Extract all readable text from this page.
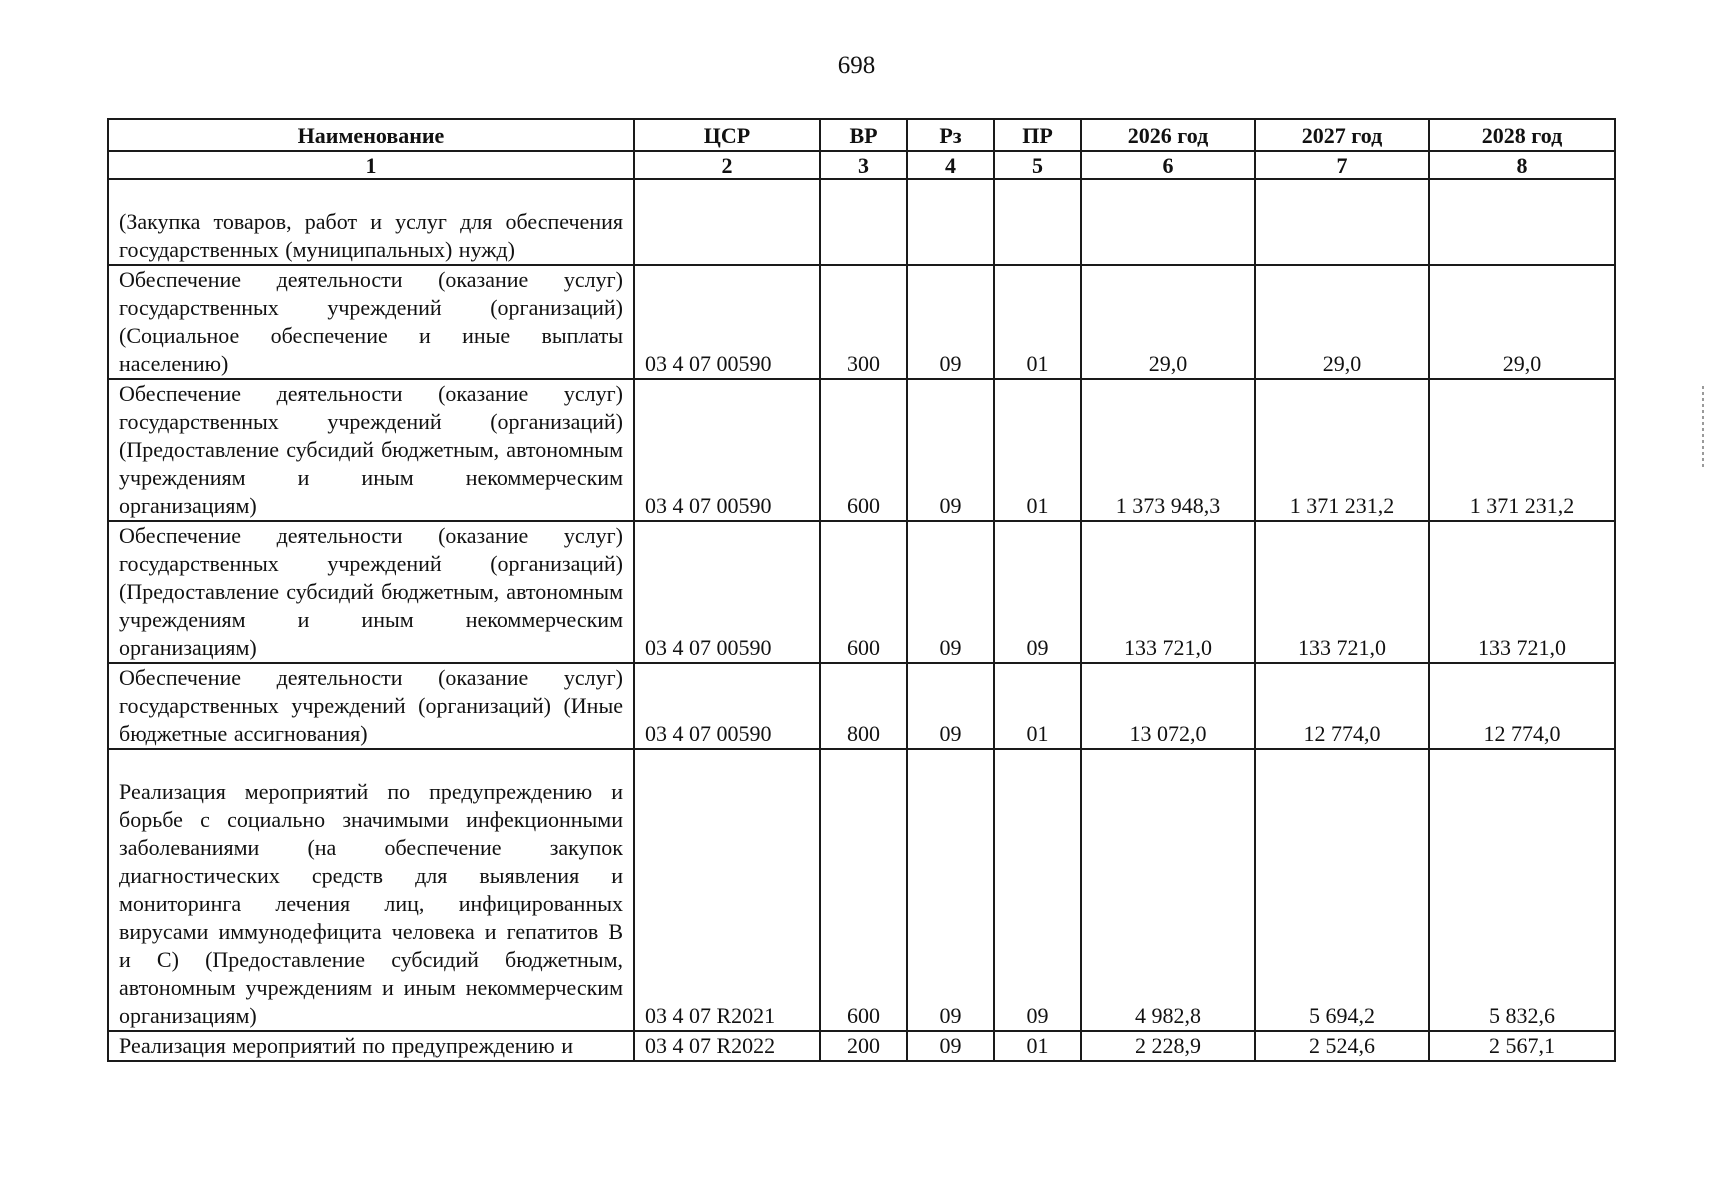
698
Наименование	ЦСР	ВР	Рз	ПР	2026 год	2027 год	2028 год
1	2	3	4	5	6	7	8
(Закупка товаров, работ и услуг для обеспечения государственных (муниципальных) нужд)							
Обеспечение деятельности (оказание услуг) государственных учреждений (организаций) (Социальное обеспечение и иные выплаты населению)	03 4 07 00590	300	09	01	29,0	29,0	29,0
Обеспечение деятельности (оказание услуг) государственных учреждений (организаций) (Предоставление субсидий бюджетным, автономным учреждениям и иным некоммерческим организациям)	03 4 07 00590	600	09	01	1 373 948,3	1 371 231,2	1 371 231,2
Обеспечение деятельности (оказание услуг) государственных учреждений (организаций) (Предоставление субсидий бюджетным, автономным учреждениям и иным некоммерческим организациям)	03 4 07 00590	600	09	09	133 721,0	133 721,0	133 721,0
Обеспечение деятельности (оказание услуг) государственных учреждений (организаций) (Иные бюджетные ассигнования)	03 4 07 00590	800	09	01	13 072,0	12 774,0	12 774,0
Реализация мероприятий по предупреждению и борьбе с социально значимыми инфекционными заболеваниями (на обеспечение закупок диагностических средств для выявления и мониторинга лечения лиц, инфицированных вирусами иммунодефицита человека и гепатитов В и С) (Предоставление субсидий бюджетным, автономным учреждениям и иным некоммерческим организациям)	03 4 07 R2021	600	09	09	4 982,8	5 694,2	5 832,6
Реализация мероприятий по предупреждению и	03 4 07 R2022	200	09	01	2 228,9	2 524,6	2 567,1
